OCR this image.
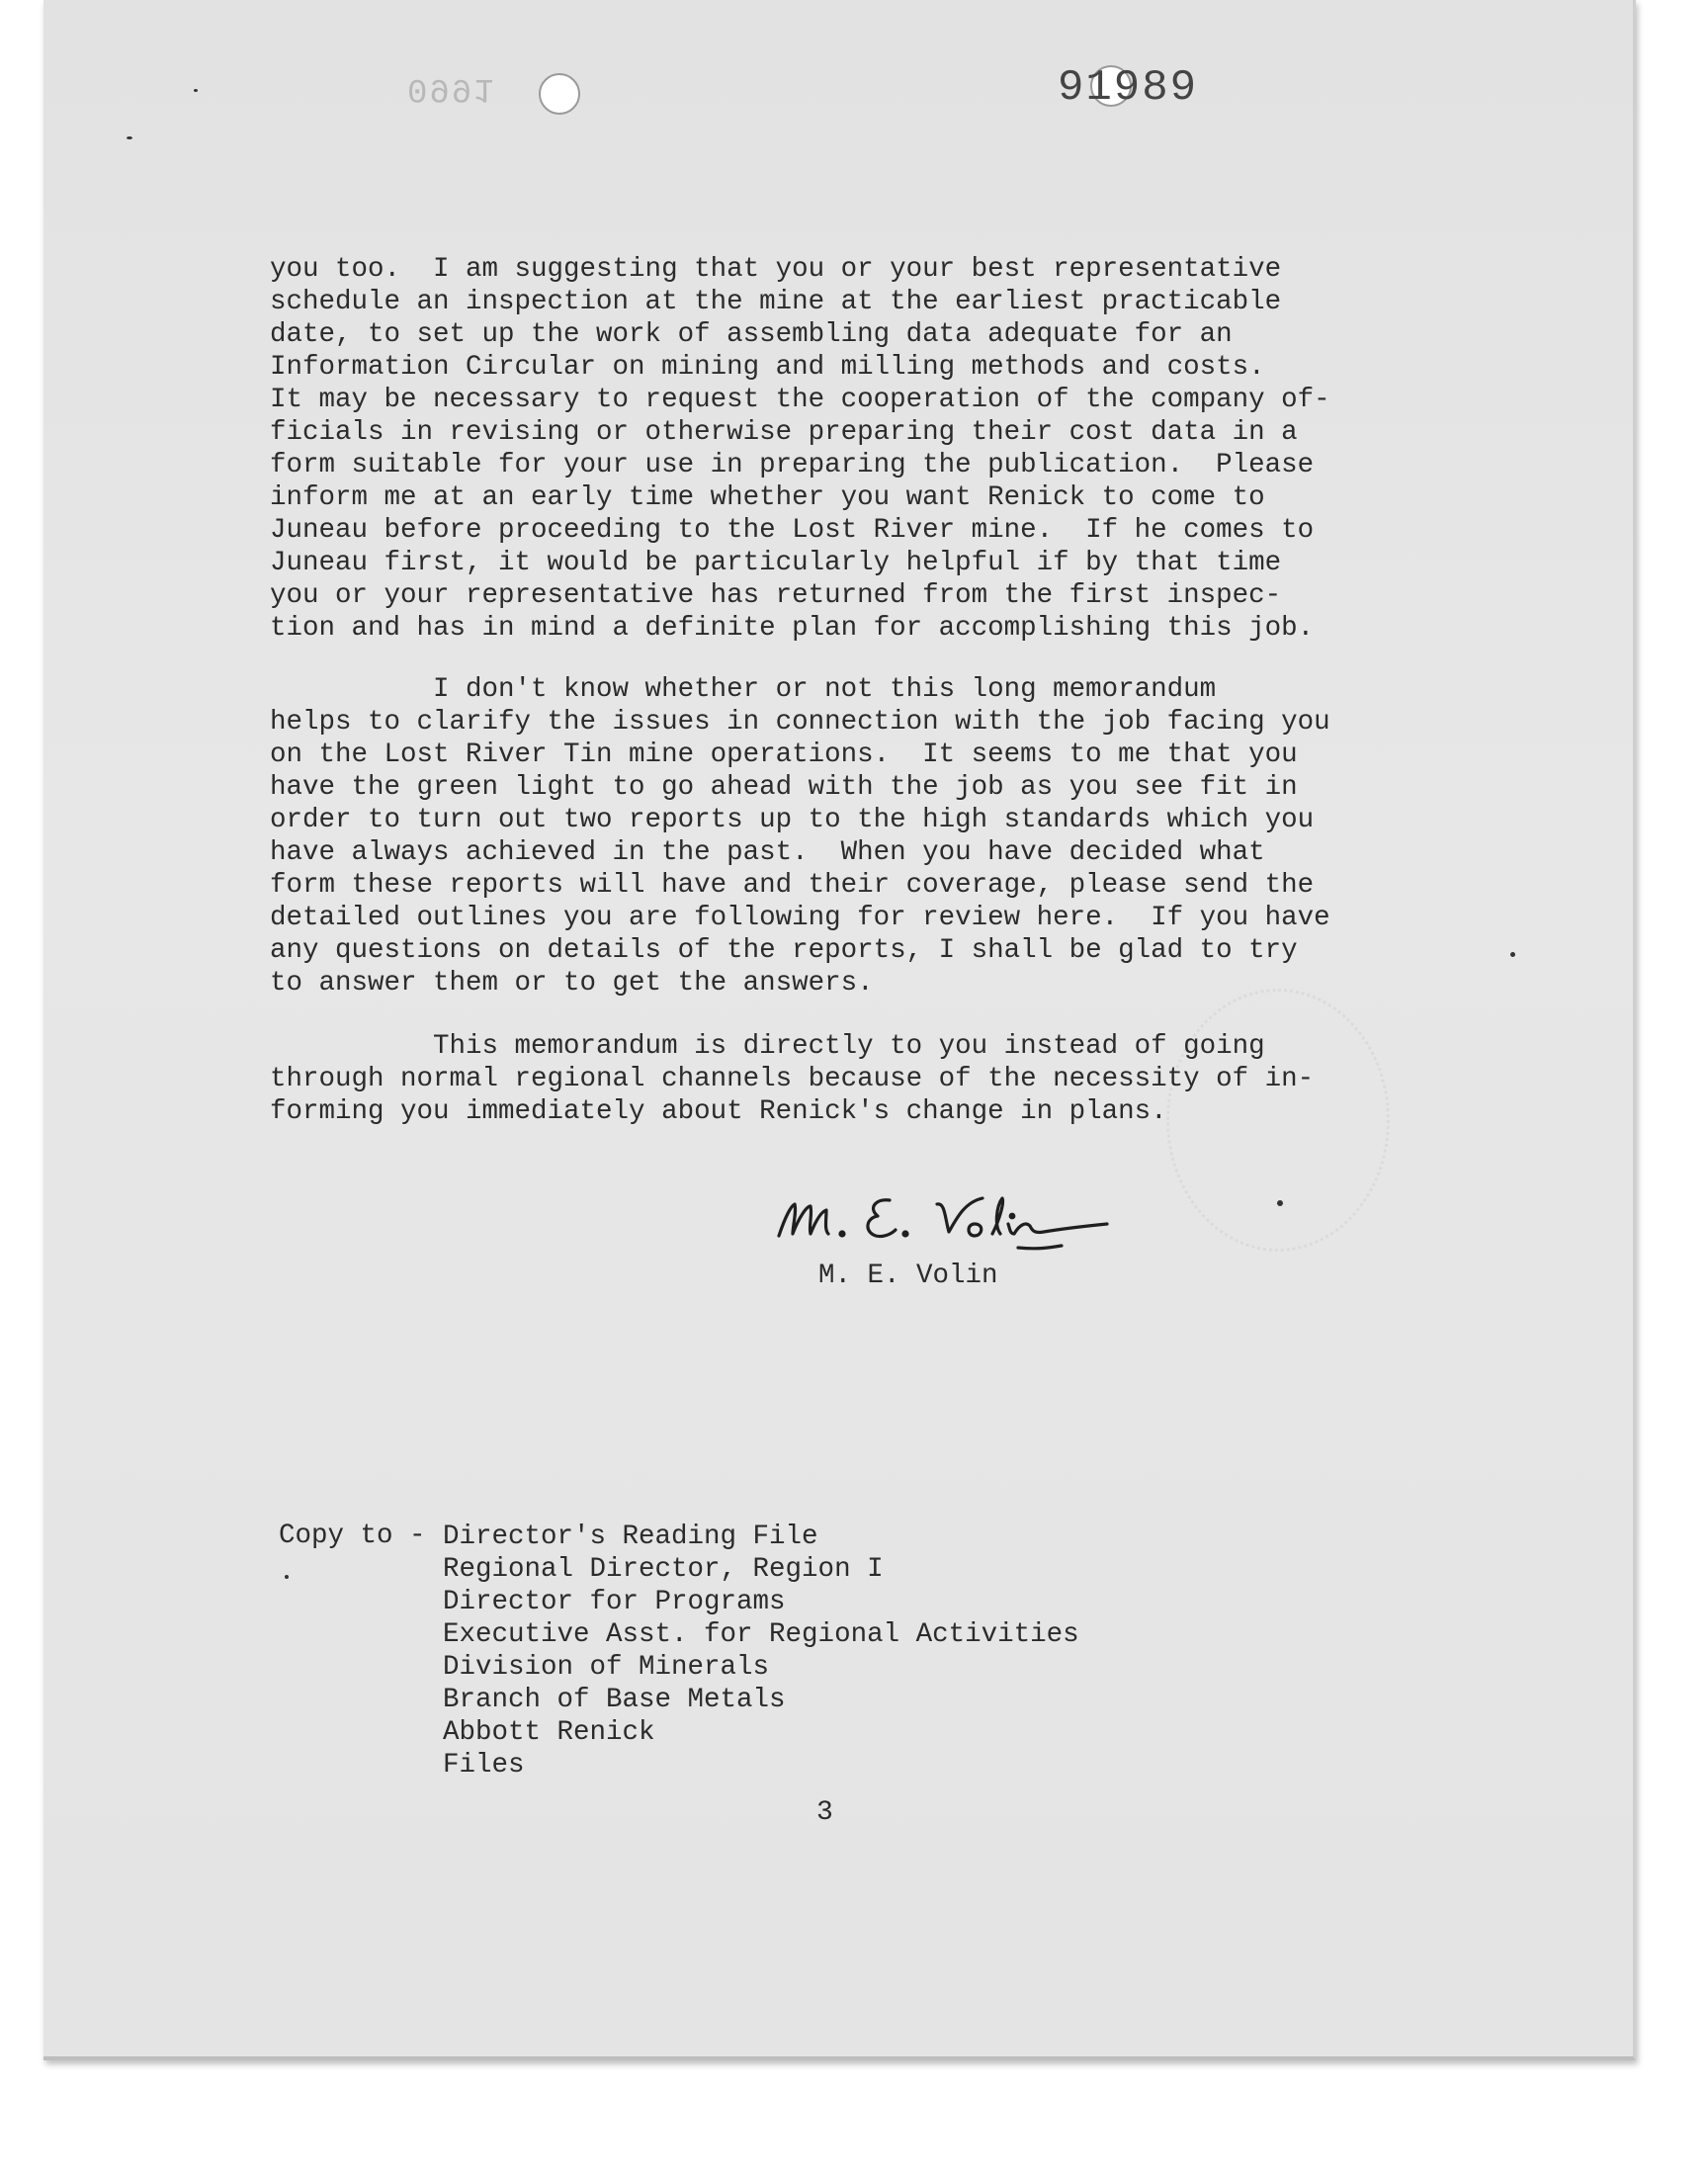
0991	91989
you too.  I am suggesting that you or your best representative
schedule an inspection at the mine at the earliest practicable
date, to set up the work of assembling data adequate for an
Information Circular on mining and milling methods and costs.
It may be necessary to request the cooperation of the company of-
ficials in revising or otherwise preparing their cost data in a
form suitable for your use in preparing the publication.  Please
inform me at an early time whether you want Renick to come to
Juneau before proceeding to the Lost River mine.  If he comes to
Juneau first, it would be particularly helpful if by that time
you or your representative has returned from the first inspec-
tion and has in mind a definite plan for accomplishing this job.
I don't know whether or not this long memorandum
helps to clarify the issues in connection with the job facing you
on the Lost River Tin mine operations.  It seems to me that you
have the green light to go ahead with the job as you see fit in
order to turn out two reports up to the high standards which you
have always achieved in the past.  When you have decided what
form these reports will have and their coverage, please send the
detailed outlines you are following for review here.  If you have
any questions on details of the reports, I shall be glad to try
to answer them or to get the answers.
This memorandum is directly to you instead of going
through normal regional channels because of the necessity of in-
forming you immediately about Renick's change in plans.
M. E. Volin
Copy to - Director's Reading File
Regional Director, Region I
Director for Programs
Executive Asst. for Regional Activities
Division of Minerals
Branch of Base Metals
Abbott Renick
Files
3
